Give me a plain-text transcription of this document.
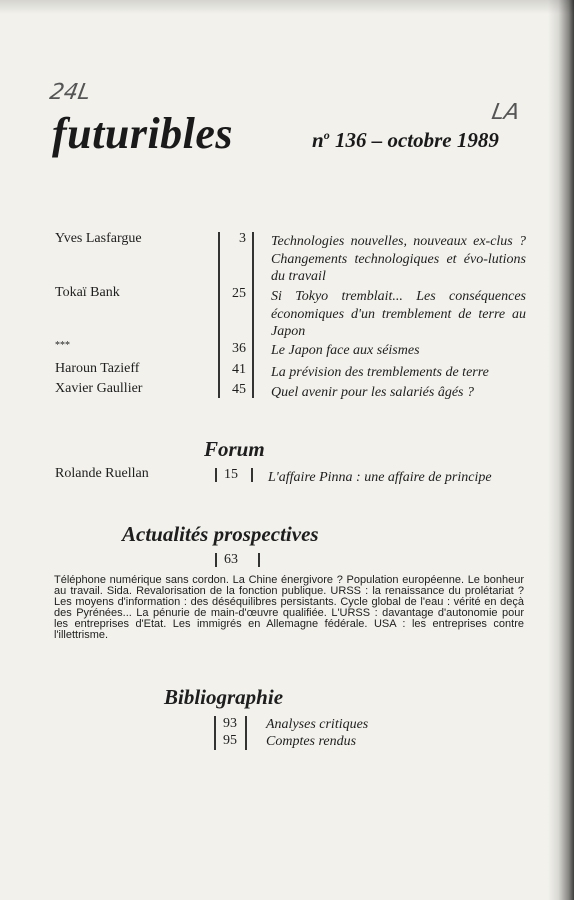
24L
LA
futuribles	$n^o$ 136 – octobre 1989
Yves Lasfargue	3	Technologies nouvelles, nouveaux ex-clus ? Changements technologiques et évo-lutions du travail
Tokaï Bank	25	Si Tokyo tremblait... Les conséquences économiques d'un tremblement de terre au Japon
***	36	Le Japon face aux séismes
Haroun Tazieff	41	La prévision des tremblements de terre
Xavier Gaullier	45	Quel avenir pour les salariés âgés ?
Forum
Rolande Ruellan	15 L'affaire Pinna : une affaire de principe
Actualités prospectives
63
Téléphone numérique sans cordon. La Chine énergivore ? Population européenne. Le bonheur au travail. Sida. Revalorisation de la fonction publique. URSS : la renaissance du prolétariat ? Les moyens d'information : des déséquilibres persistants. Cycle global de l'eau : vérité en deçà des Pyrénées... La pénurie de main-d'œuvre qualifiée. L'URSS : davantage d'autonomie pour les entreprises d'Etat. Les immigrés en Allemagne fédérale. USA : les entreprises contre l'illettrisme.
Bibliographie
93 Analyses critiques
95 Comptes rendus
